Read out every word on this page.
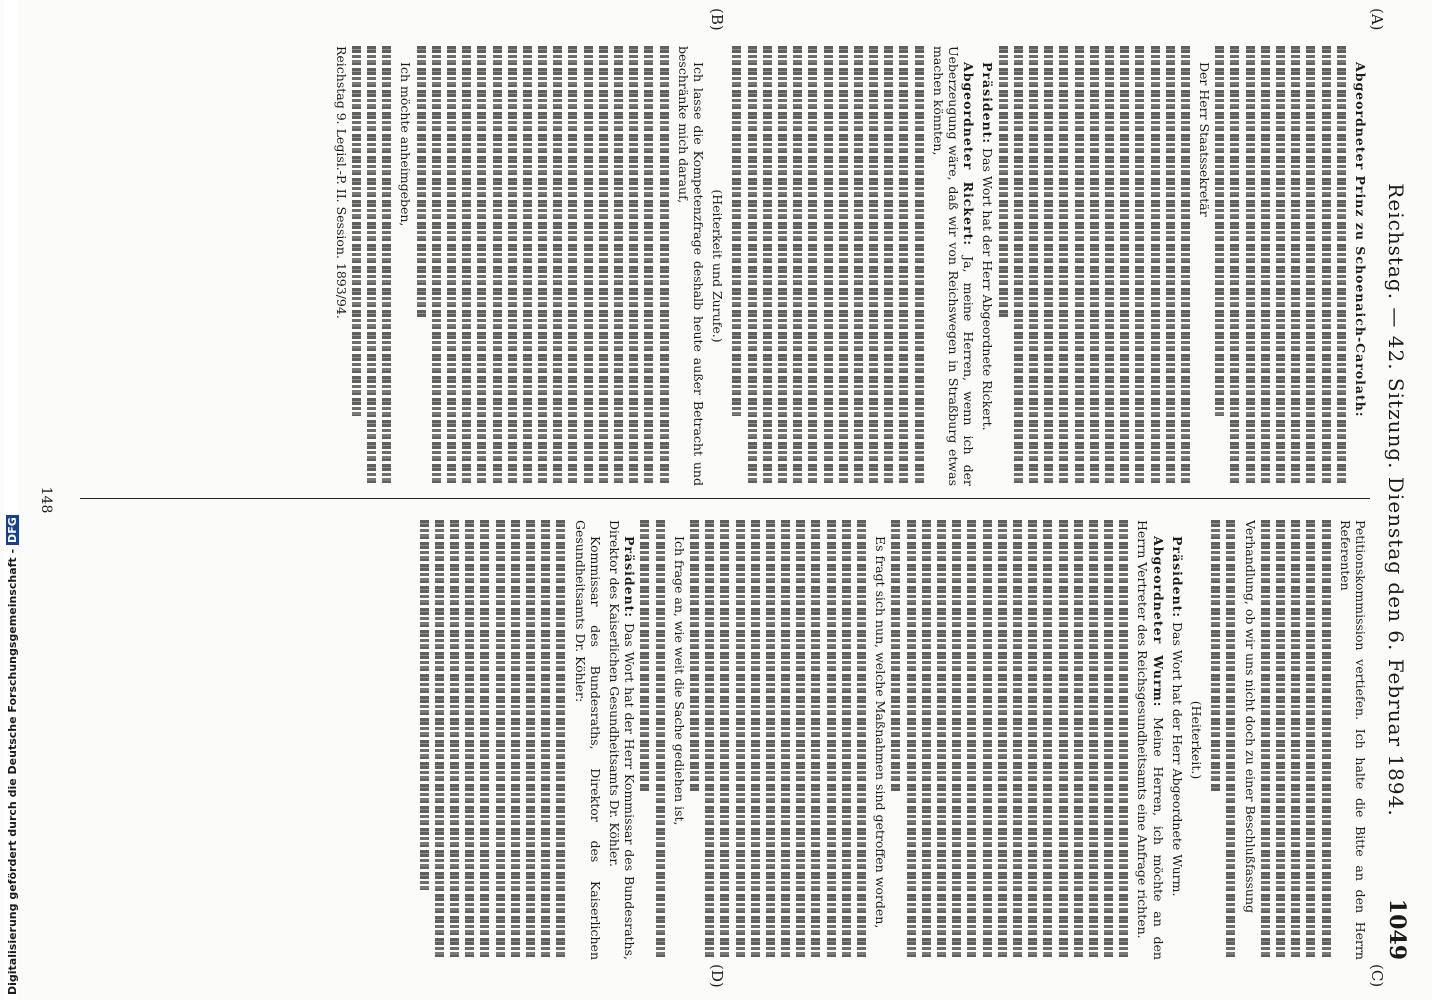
Digitalisierung gefördert durch die Deutsche Forschungsgemeinschaft -DFG	Reichstag. — 42. Sitzung. Dienstag den 6. Februar 1894.
1049
(A)
(B)
(C)
(D)

Abgeordneter Prinz zu Schoenaich-Carolath:

Der Herr Staatssekretär

Präsident: Das Wort hat der Herr Abgeordnete Rickert.

Abgeordneter Rickert: Ja, meine Herren, wenn ich der Ueberzeugung wäre, daß wir von Reichswegen in Straßburg etwas machen könnten,

(Heiterkeit und Zurufe.)

Ich lasse die Kompetenzfrage deshalb heute außer Betracht und beschränke mich darauf,

Ich möchte anheimgeben,

Reichstag 9. Legisl.-P. II. Session. 1893/94.

Petitionskommission vertiefen. Ich halte die Bitte an den Herrn Referenten

Verhandlung, ob wir uns nicht doch zu einer Beschlußfassung

(Heiterkeit.)

Präsident: Das Wort hat der Herr Abgeordnete Wurm.

Abgeordneter Wurm: Meine Herren, ich möchte an den Herrn Vertreter des Reichsgesundheitsamts eine Anfrage richten.

Es fragt sich nun, welche Maßnahmen sind getroffen worden,

Ich frage an, wie weit die Sache gediehen ist,

Präsident: Das Wort hat der Herr Kommissar des Bundesraths, Direktor des Kaiserlichen Gesundheitsamts Dr. Köhler.

Kommissar des Bundesraths, Direktor des Kaiserlichen Gesundheitsamts Dr. Köhler:

148
